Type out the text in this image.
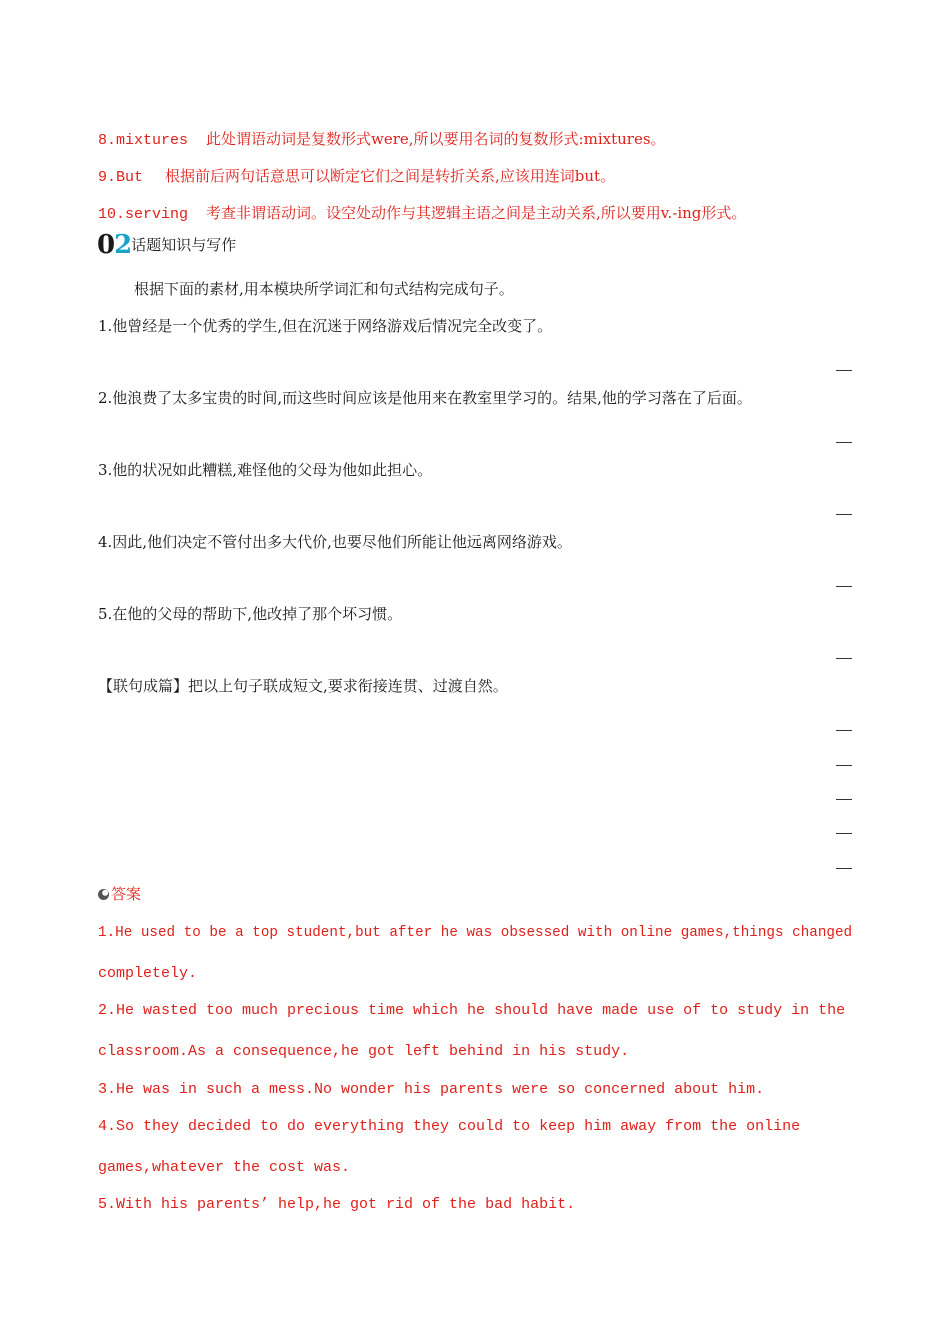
8.mixtures 此处谓语动词是复数形式were,所以要用名词的复数形式:mixtures。
9.But 根据前后两句话意思可以断定它们之间是转折关系,应该用连词but。
10.serving 考查非谓语动词。设空处动作与其逻辑主语之间是主动关系,所以要用v.-ing形式。
02话题知识与写作
根据下面的素材,用本模块所学词汇和句式结构完成句子。
1.他曾经是一个优秀的学生,但在沉迷于网络游戏后情况完全改变了。
2.他浪费了太多宝贵的时间,而这些时间应该是他用来在教室里学习的。结果,他的学习落在了后面。
3.他的状况如此糟糕,难怪他的父母为他如此担心。
4.因此,他们决定不管付出多大代价,也要尽他们所能让他远离网络游戏。
5.在他的父母的帮助下,他改掉了那个坏习惯。
【联句成篇】把以上句子联成短文,要求衔接连贯、过渡自然。
答案
1.He used to be a top student,but after he was obsessed with online games,things changed
completely.
2.He wasted too much precious time which he should have made use of to study in the
classroom.As a consequence,he got left behind in his study.
3.He was in such a mess.No wonder his parents were so concerned about him.
4.So they decided to do everything they could to keep him away from the online
games,whatever the cost was.
5.With his parents’ help,he got rid of the bad habit.
